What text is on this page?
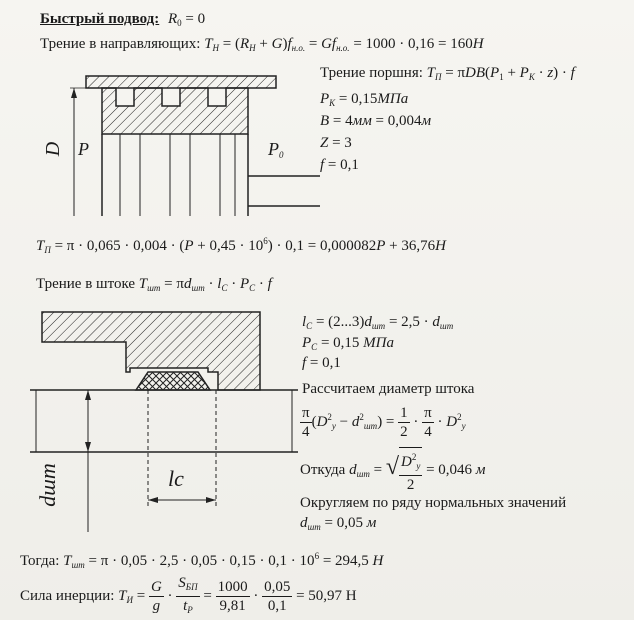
Быстрый подвод: $R_0 = 0$
Трение в направляющих: $T_H = (R_H + G)f_{н.о.} = Gf_{н.о.} = 1000 \cdot 0,16 = 160H$
D P	$P_0$
Трение поршня: $T_П = \pi DB(P_1 + P_К \cdot z) \cdot f$
$P_К = 0,15МПа$
B = 4мм = 0,004м
Z = 3
f = 0,1
$T_П = \pi \cdot 0,065 \cdot 0,004 \cdot (P + 0,45 \cdot 10^6) \cdot 0,1 = 0,000082P + 36,76H$
Трение в штоке $T_{шт} = \pi d_{шт} \cdot l_C \cdot P_C \cdot f$
dшт	lс
$l_C = (2...3)d_{шт} = 2,5 \cdot d_{шт}$
$P_C = 0,15$ МПа
f = 0,1
Рассчитаем диаметр штока
$\frac{\pi}{4} (D^2_у - d^2_{шт}) = \frac{1}{2} \cdot \frac{\pi}{4} \cdot D^2_у$
Откуда $d_{шт}$ = √ $\frac{D^2_у}{2} = 0,046$ м
Округляем по ряду нормальных значений
$d_{шт} = 0,05$ м
Тогда: $T_{шт} = \pi \cdot 0,05 \cdot 2,5 \cdot 0,05 \cdot 0,15 \cdot 0,1 \cdot 10^6 = 294,5$ Н
Сила инерции: $T_И = \frac{G}{g} \cdot \frac{S_{БП}}{t_P} = \frac{1000}{9,81} \cdot \frac{0,05}{0,1} = 50,97$ Н
